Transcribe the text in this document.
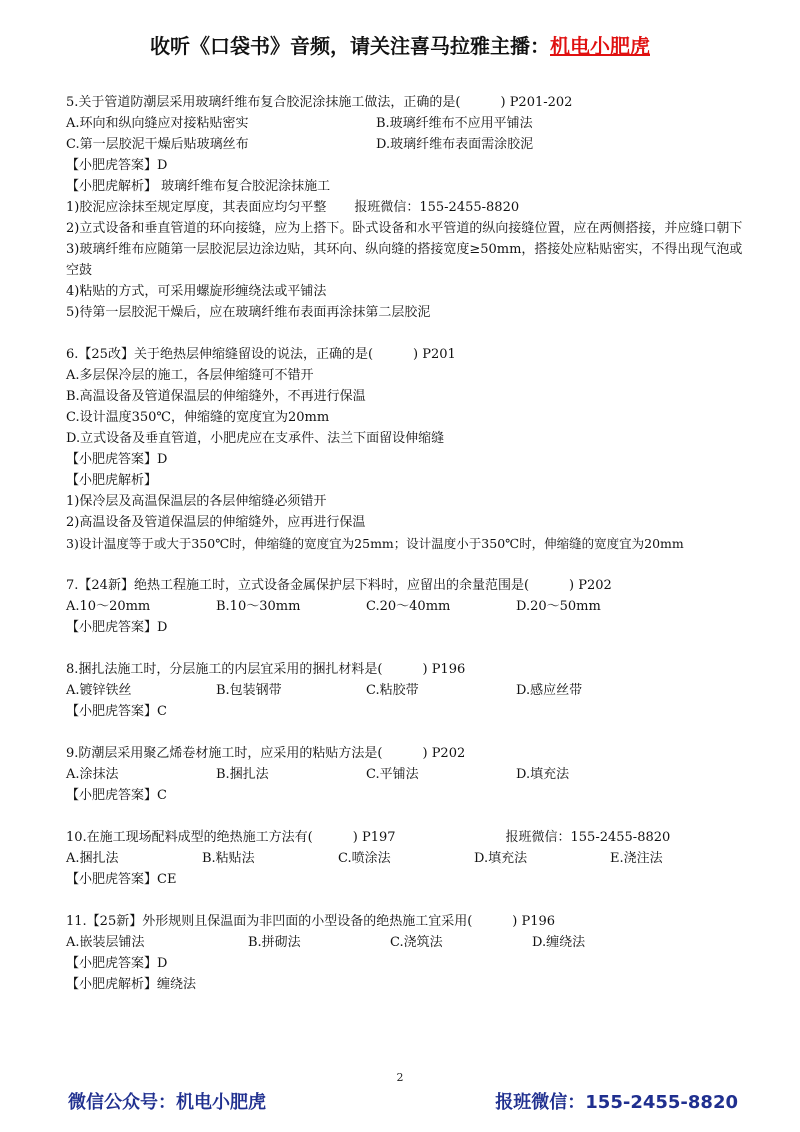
收听《口袋书》音频，请关注喜马拉雅主播：机电小肥虎
5.关于管道防潮层采用玻璃纤维布复合胶泥涂抹施工做法，正确的是(	) P201-202
A.环向和纵向缝应对接粘贴密实	B.玻璃纤维布不应用平铺法
C.第一层胶泥干燥后贴玻璃丝布	D.玻璃纤维布表面需涂胶泥
【小肥虎答案】D
【小肥虎解析】 玻璃纤维布复合胶泥涂抹施工
1)胶泥应涂抹至规定厚度，其表面应均匀平整 报班微信：155-2455-8820
2)立式设备和垂直管道的环向接缝，应为上搭下。卧式设备和水平管道的纵向接缝位置，应在两侧搭接，并应缝口朝下
3)玻璃纤维布应随第一层胶泥层边涂边贴，其环向、纵向缝的搭接宽度≥50mm，搭接处应粘贴密实，不得出现气泡或空鼓
4)粘贴的方式，可采用螺旋形缠绕法或平铺法
5)待第一层胶泥干燥后，应在玻璃纤维布表面再涂抹第二层胶泥
6.【25改】关于绝热层伸缩缝留设的说法，正确的是(	) P201
A.多层保冷层的施工，各层伸缩缝可不错开
B.高温设备及管道保温层的伸缩缝外，不再进行保温
C.设计温度350℃，伸缩缝的宽度宜为20mm
D.立式设备及垂直管道，小肥虎应在支承件、法兰下面留设伸缩缝
【小肥虎答案】D
【小肥虎解析】
1)保冷层及高温保温层的各层伸缩缝必须错开
2)高温设备及管道保温层的伸缩缝外，应再进行保温
3)设计温度等于或大于350℃时，伸缩缝的宽度宜为25mm；设计温度小于350℃时，伸缩缝的宽度宜为20mm
7.【24新】绝热工程施工时，立式设备金属保护层下料时，应留出的余量范围是(	) P202
A.10～20mm	B.10～30mm	C.20～40mm	D.20～50mm
【小肥虎答案】D
8.捆扎法施工时，分层施工的内层宜采用的捆扎材料是(	) P196
A.镀锌铁丝	B.包装钢带	C.粘胶带	D.感应丝带
【小肥虎答案】C
9.防潮层采用聚乙烯卷材施工时，应采用的粘贴方法是(	) P202
A.涂抹法	B.捆扎法	C.平铺法	D.填充法
【小肥虎答案】C
10.在施工现场配料成型的绝热施工方法有(	) P197	报班微信：155-2455-8820
A.捆扎法	B.粘贴法	C.喷涂法	D.填充法	E.浇注法
【小肥虎答案】CE
11.【25新】外形规则且保温面为非凹面的小型设备的绝热施工宜采用(	) P196
A.嵌装层铺法	B.拼砌法	C.浇筑法	D.缠绕法
【小肥虎答案】D
【小肥虎解析】缠绕法
2
微信公众号：机电小肥虎	报班微信：155-2455-8820
